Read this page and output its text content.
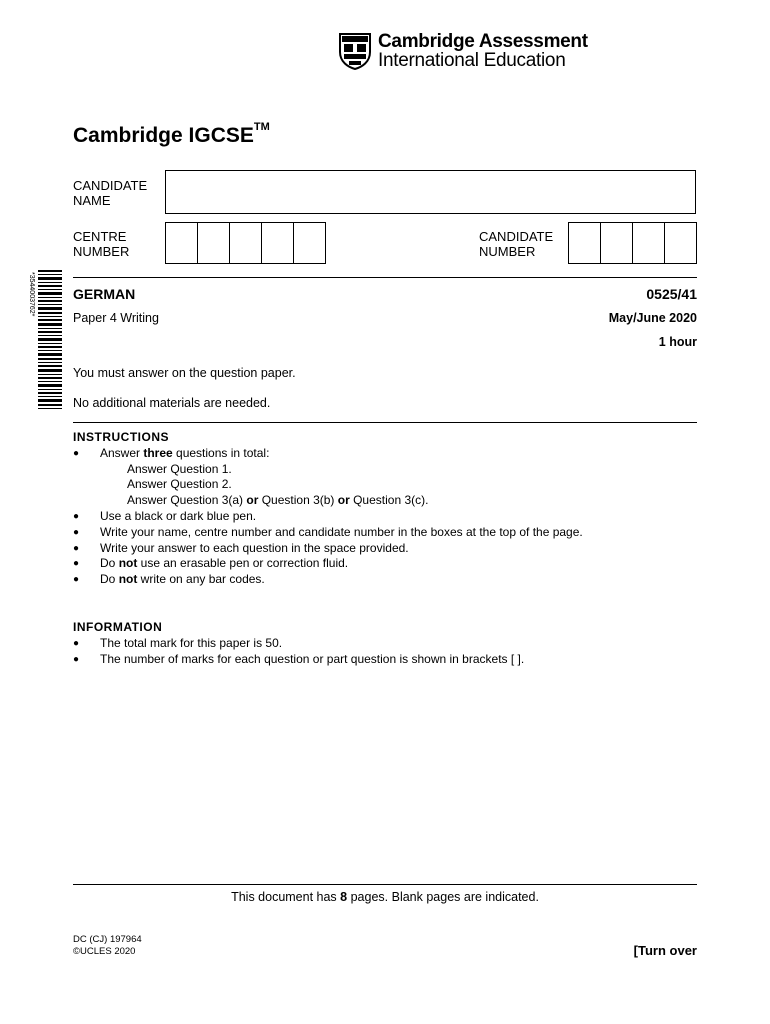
Cambridge Assessment
International Education
Cambridge IGCSE™
CANDIDATE
NAME
CENTRE
NUMBER
CANDIDATE
NUMBER
*3544003762*	GERMAN	0525/41
Paper 4 Writing	May/June 2020
1 hour
You must answer on the question paper.
No additional materials are needed.
INSTRUCTIONS
● Answer three questions in total:
Answer Question 1.
Answer Question 2.
Answer Question 3(a) or Question 3(b) or Question 3(c).
● Use a black or dark blue pen.
● Write your name, centre number and candidate number in the boxes at the top of the page.
● Write your answer to each question in the space provided.
● Do not use an erasable pen or correction fluid.
● Do not write on any bar codes.
INFORMATION
● The total mark for this paper is 50.
● The number of marks for each question or part question is shown in brackets [ ].
This document has 8 pages. Blank pages are indicated.
DC (CJ) 197964
©UCLES 2020	[Turn over
